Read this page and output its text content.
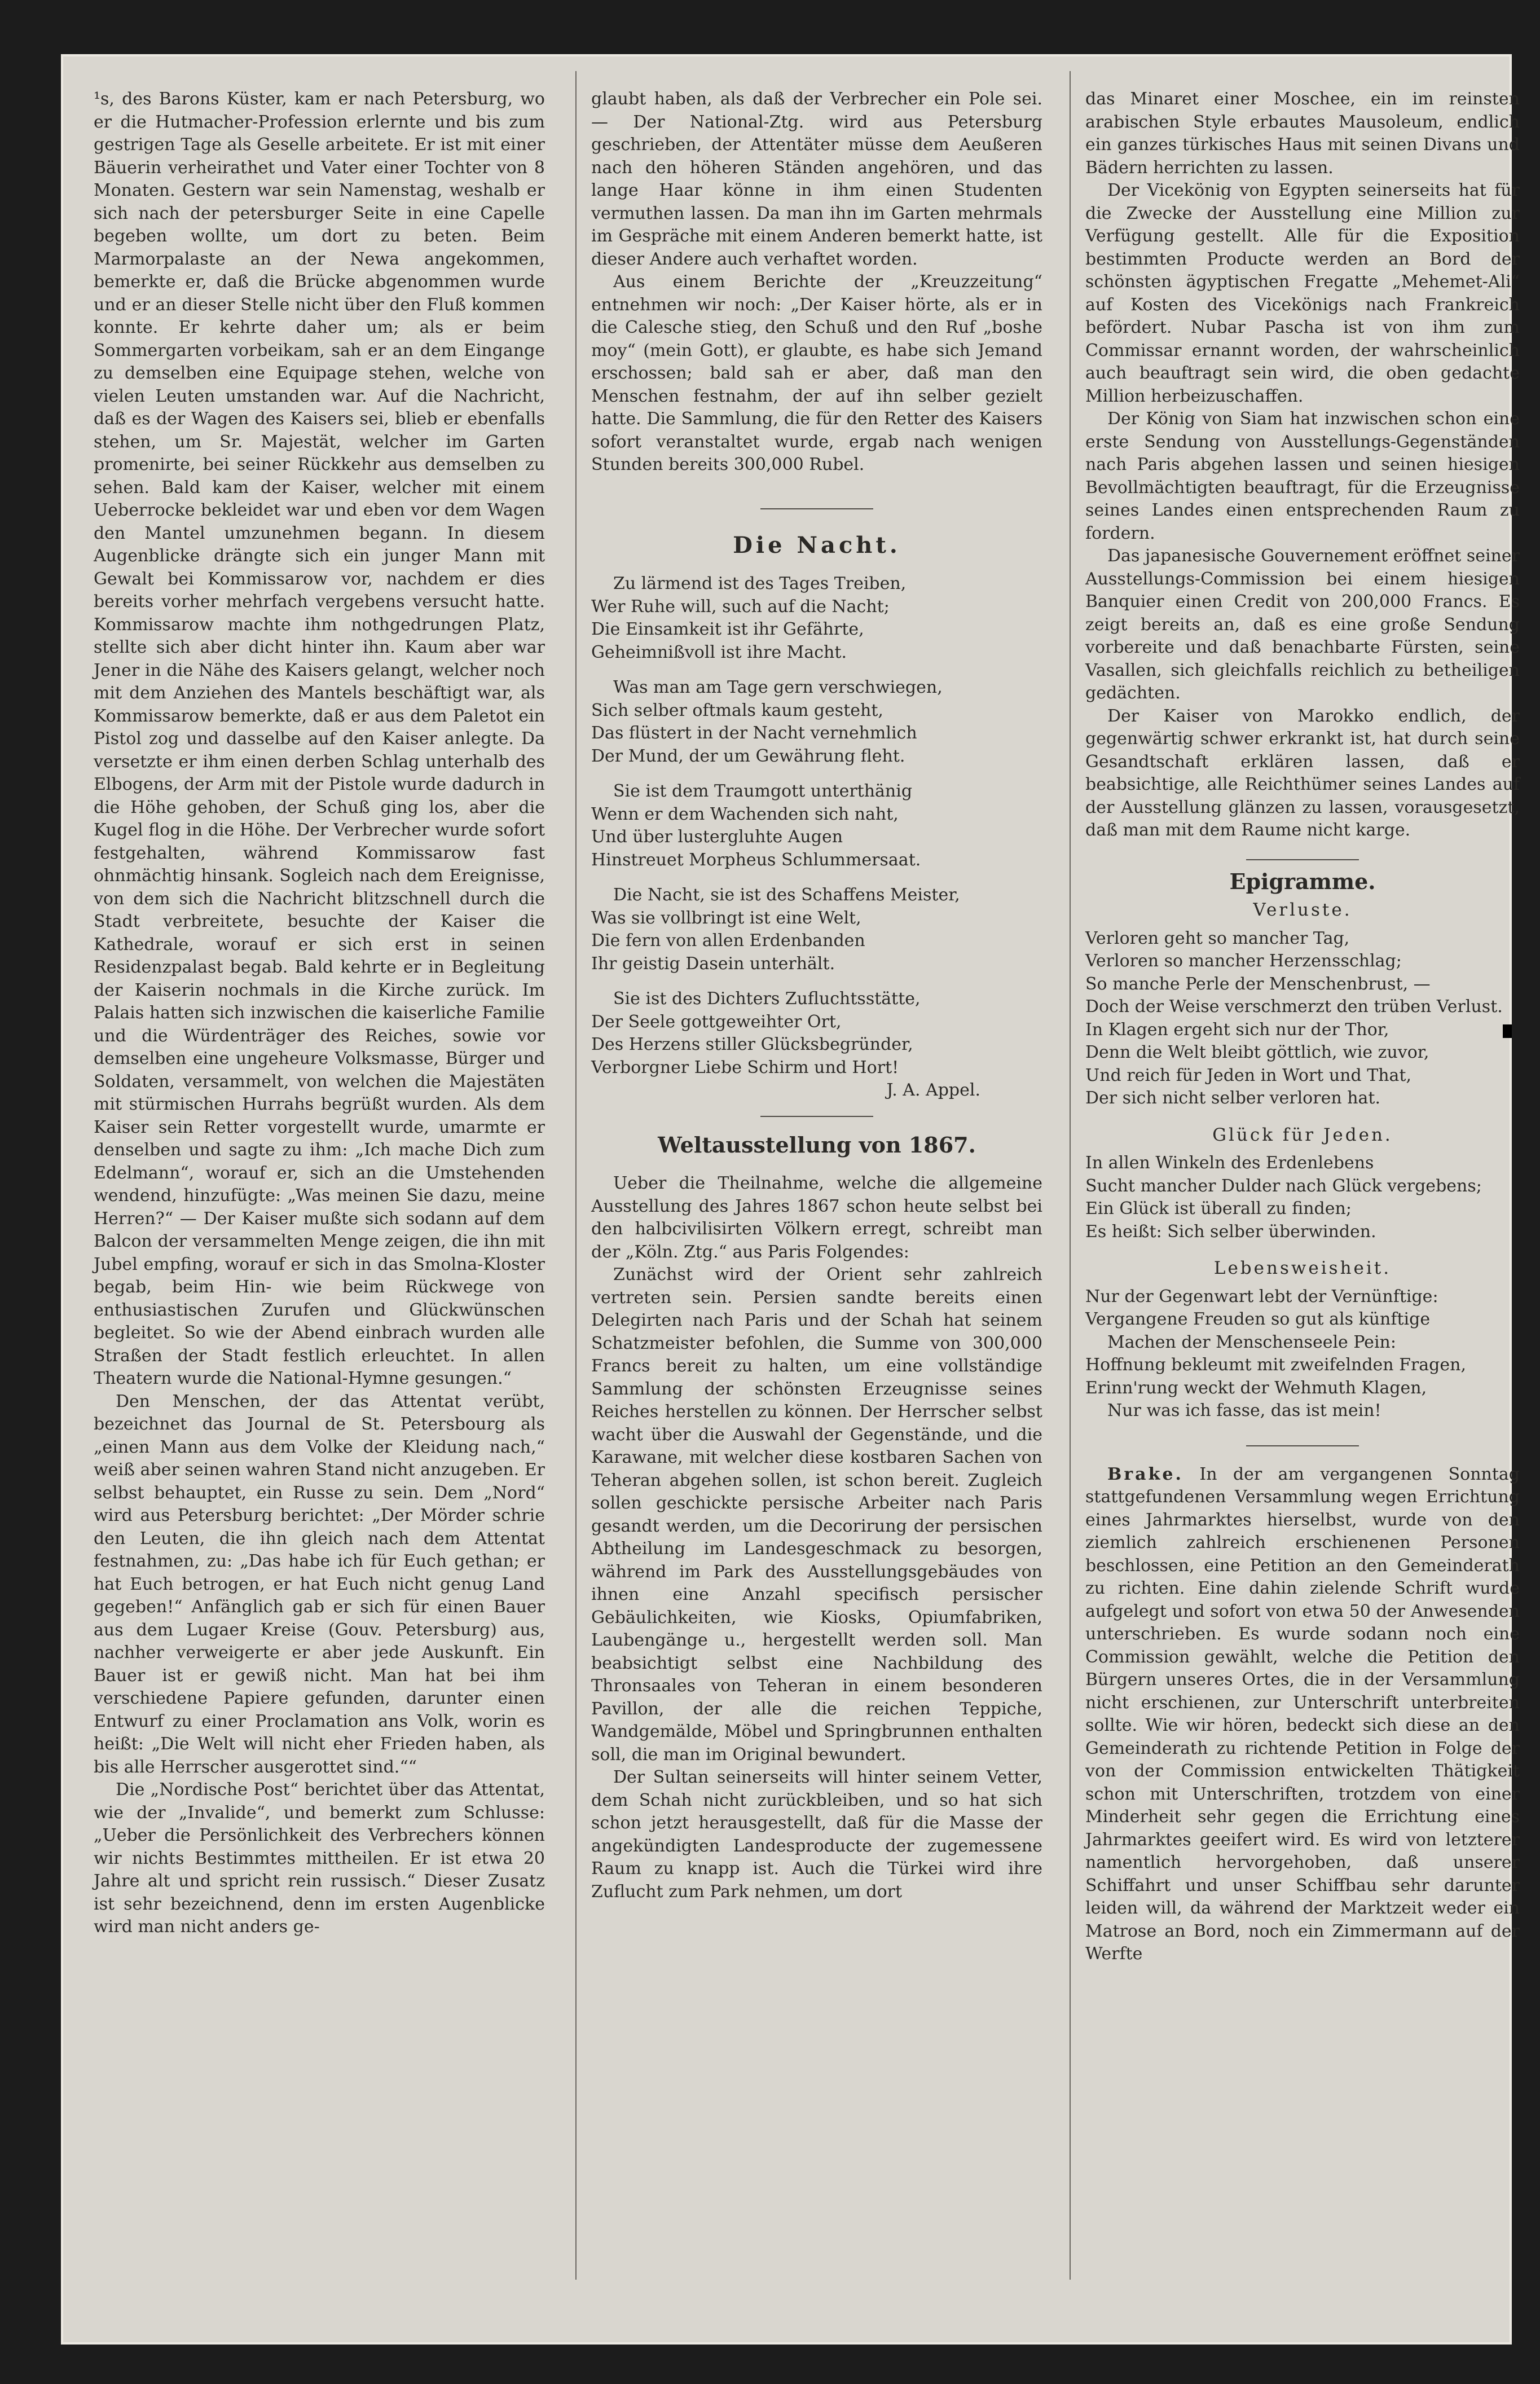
¹s, des Barons Küster, kam er nach Petersburg, wo er die Hutmacher-Profession erlernte und bis zum gestrigen Tage als Geselle arbeitete. Er ist mit einer Bäuerin verheirathet und Vater einer Tochter von 8 Monaten. Gestern war sein Namenstag, weshalb er sich nach der petersburger Seite in eine Capelle begeben wollte, um dort zu beten. Beim Marmorpalaste an der Newa angekommen, bemerkte er, daß die Brücke abgenommen wurde und er an dieser Stelle nicht über den Fluß kommen konnte. Er kehrte daher um; als er beim Sommergarten vorbeikam, sah er an dem Eingange zu demselben eine Equipage stehen, welche von vielen Leuten umstanden war. Auf die Nachricht, daß es der Wagen des Kaisers sei, blieb er ebenfalls stehen, um Sr. Majestät, welcher im Garten promenirte, bei seiner Rückkehr aus demselben zu sehen. Bald kam der Kaiser, welcher mit einem Ueberrocke bekleidet war und eben vor dem Wagen den Mantel umzunehmen begann. In diesem Augenblicke drängte sich ein junger Mann mit Gewalt bei Kommissarow vor, nachdem er dies bereits vorher mehrfach vergebens versucht hatte. Kommissarow machte ihm nothgedrungen Platz, stellte sich aber dicht hinter ihn. Kaum aber war Jener in die Nähe des Kaisers gelangt, welcher noch mit dem Anziehen des Mantels beschäftigt war, als Kommissarow bemerkte, daß er aus dem Paletot ein Pistol zog und dasselbe auf den Kaiser anlegte. Da versetzte er ihm einen derben Schlag unterhalb des Elbogens, der Arm mit der Pistole wurde dadurch in die Höhe gehoben, der Schuß ging los, aber die Kugel flog in die Höhe. Der Verbrecher wurde sofort festgehalten, während Kommissarow fast ohnmächtig hinsank. Sogleich nach dem Ereignisse, von dem sich die Nachricht blitzschnell durch die Stadt verbreitete, besuchte der Kaiser die Kathedrale, worauf er sich erst in seinen Residenzpalast begab. Bald kehrte er in Begleitung der Kaiserin nochmals in die Kirche zurück. Im Palais hatten sich inzwischen die kaiserliche Familie und die Würdenträger des Reiches, sowie vor demselben eine ungeheure Volksmasse, Bürger und Soldaten, versammelt, von welchen die Majestäten mit stürmischen Hurrahs begrüßt wurden. Als dem Kaiser sein Retter vorgestellt wurde, umarmte er denselben und sagte zu ihm: „Ich mache Dich zum Edelmann“, worauf er, sich an die Umstehenden wendend, hinzufügte: „Was meinen Sie dazu, meine Herren?“ — Der Kaiser mußte sich sodann auf dem Balcon der versammelten Menge zeigen, die ihn mit Jubel empfing, worauf er sich in das Smolna-Kloster begab, beim Hin- wie beim Rückwege von enthusiastischen Zurufen und Glückwünschen begleitet. So wie der Abend einbrach wurden alle Straßen der Stadt festlich erleuchtet. In allen Theatern wurde die National-Hymne gesungen.“

Den Menschen, der das Attentat verübt, bezeichnet das Journal de St. Petersbourg als „einen Mann aus dem Volke der Kleidung nach,“ weiß aber seinen wahren Stand nicht anzugeben. Er selbst behauptet, ein Russe zu sein. Dem „Nord“ wird aus Petersburg berichtet: „Der Mörder schrie den Leuten, die ihn gleich nach dem Attentat festnahmen, zu: „Das habe ich für Euch gethan; er hat Euch betrogen, er hat Euch nicht genug Land gegeben!“ Anfänglich gab er sich für einen Bauer aus dem Lugaer Kreise (Gouv. Petersburg) aus, nachher verweigerte er aber jede Auskunft. Ein Bauer ist er gewiß nicht. Man hat bei ihm verschiedene Papiere gefunden, darunter einen Entwurf zu einer Proclamation ans Volk, worin es heißt: „Die Welt will nicht eher Frieden haben, als bis alle Herrscher ausgerottet sind.““

Die „Nordische Post“ berichtet über das Attentat, wie der „Invalide“, und bemerkt zum Schlusse: „Ueber die Persönlichkeit des Verbrechers können wir nichts Bestimmtes mittheilen. Er ist etwa 20 Jahre alt und spricht rein russisch.“ Dieser Zusatz ist sehr bezeichnend, denn im ersten Augenblicke wird man nicht anders ge-

glaubt haben, als daß der Verbrecher ein Pole sei. — Der National-Ztg. wird aus Petersburg geschrieben, der Attentäter müsse dem Aeußeren nach den höheren Ständen angehören, und das lange Haar könne in ihm einen Studenten vermuthen lassen. Da man ihn im Garten mehrmals im Gespräche mit einem Anderen bemerkt hatte, ist dieser Andere auch verhaftet worden.

Aus einem Berichte der „Kreuzzeitung“ entnehmen wir noch: „Der Kaiser hörte, als er in die Calesche stieg, den Schuß und den Ruf „boshe moy“ (mein Gott), er glaubte, es habe sich Jemand erschossen; bald sah er aber, daß man den Menschen festnahm, der auf ihn selber gezielt hatte. Die Sammlung, die für den Retter des Kaisers sofort veranstaltet wurde, ergab nach wenigen Stunden bereits 300,000 Rubel.

Die Nacht.
Zu lärmend ist des Tages Treiben,
Wer Ruhe will, such auf die Nacht;
Die Einsamkeit ist ihr Gefährte,
Geheimnißvoll ist ihre Macht.
Was man am Tage gern verschwiegen,
Sich selber oftmals kaum gesteht,
Das flüstert in der Nacht vernehmlich
Der Mund, der um Gewährung fleht.
Sie ist dem Traumgott unterthänig
Wenn er dem Wachenden sich naht,
Und über lustergluhte Augen
Hinstreuet Morpheus Schlummersaat.
Die Nacht, sie ist des Schaffens Meister,
Was sie vollbringt ist eine Welt,
Die fern von allen Erdenbanden
Ihr geistig Dasein unterhält.
Sie ist des Dichters Zufluchtsstätte,
Der Seele gottgeweihter Ort,
Des Herzens stiller Glücksbegründer,
Verborgner Liebe Schirm und Hort!
J. A. Appel.
Weltausstellung von 1867.

Ueber die Theilnahme, welche die allgemeine Ausstellung des Jahres 1867 schon heute selbst bei den halbcivilisirten Völkern erregt, schreibt man der „Köln. Ztg.“ aus Paris Folgendes:

Zunächst wird der Orient sehr zahlreich vertreten sein. Persien sandte bereits einen Delegirten nach Paris und der Schah hat seinem Schatzmeister befohlen, die Summe von 300,000 Francs bereit zu halten, um eine vollständige Sammlung der schönsten Erzeugnisse seines Reiches herstellen zu können. Der Herrscher selbst wacht über die Auswahl der Gegenstände, und die Karawane, mit welcher diese kostbaren Sachen von Teheran abgehen sollen, ist schon bereit. Zugleich sollen geschickte persische Arbeiter nach Paris gesandt werden, um die Decorirung der persischen Abtheilung im Landesgeschmack zu besorgen, während im Park des Ausstellungsgebäudes von ihnen eine Anzahl specifisch persischer Gebäulichkeiten, wie Kiosks, Opiumfabriken, Laubengänge u., hergestellt werden soll. Man beabsichtigt selbst eine Nachbildung des Thronsaales von Teheran in einem besonderen Pavillon, der alle die reichen Teppiche, Wandgemälde, Möbel und Springbrunnen enthalten soll, die man im Original bewundert.

Der Sultan seinerseits will hinter seinem Vetter, dem Schah nicht zurückbleiben, und so hat sich schon jetzt herausgestellt, daß für die Masse der angekündigten Landesproducte der zugemessene Raum zu knapp ist. Auch die Türkei wird ihre Zuflucht zum Park nehmen, um dort

das Minaret einer Moschee, ein im reinsten arabischen Style erbautes Mausoleum, endlich ein ganzes türkisches Haus mit seinen Divans und Bädern herrichten zu lassen.

Der Vicekönig von Egypten seinerseits hat für die Zwecke der Ausstellung eine Million zur Verfügung gestellt. Alle für die Exposition bestimmten Producte werden an Bord der schönsten ägyptischen Fregatte „Mehemet-Ali“ auf Kosten des Vicekönigs nach Frankreich befördert. Nubar Pascha ist von ihm zum Commissar ernannt worden, der wahrscheinlich auch beauftragt sein wird, die oben gedachte Million herbeizuschaffen.

Der König von Siam hat inzwischen schon eine erste Sendung von Ausstellungs-Gegenständen nach Paris abgehen lassen und seinen hiesigen Bevollmächtigten beauftragt, für die Erzeugnisse seines Landes einen entsprechenden Raum zu fordern.

Das japanesische Gouvernement eröffnet seiner Ausstellungs-Commission bei einem hiesigen Banquier einen Credit von 200,000 Francs. Es zeigt bereits an, daß es eine große Sendung vorbereite und daß benachbarte Fürsten, seine Vasallen, sich gleichfalls reichlich zu betheiligen gedächten.

Der Kaiser von Marokko endlich, der gegenwärtig schwer erkrankt ist, hat durch seine Gesandtschaft erklären lassen, daß er beabsichtige, alle Reichthümer seines Landes auf der Ausstellung glänzen zu lassen, vorausgesetzt, daß man mit dem Raume nicht karge.

Epigramme.
Verluste.
Verloren geht so mancher Tag,
Verloren so mancher Herzensschlag;
So manche Perle der Menschenbrust, —
Doch der Weise verschmerzt den trüben Verlust.
In Klagen ergeht sich nur der Thor,
Denn die Welt bleibt göttlich, wie zuvor,
Und reich für Jeden in Wort und That,
Der sich nicht selber verloren hat.
Glück für Jeden.
In allen Winkeln des Erdenlebens
Sucht mancher Dulder nach Glück vergebens;
Ein Glück ist überall zu finden;
Es heißt: Sich selber überwinden.
Lebensweisheit.
Nur der Gegenwart lebt der Vernünftige:
Vergangene Freuden so gut als künftige
Machen der Menschenseele Pein:
Hoffnung bekleumt mit zweifelnden Fragen,
Erinn'rung weckt der Wehmuth Klagen,
Nur was ich fasse, das ist mein!

Brake. In der am vergangenen Sonntag stattgefundenen Versammlung wegen Errichtung eines Jahrmarktes hierselbst, wurde von den ziemlich zahlreich erschienenen Personen beschlossen, eine Petition an den Gemeinderath zu richten. Eine dahin zielende Schrift wurde aufgelegt und sofort von etwa 50 der Anwesenden unterschrieben. Es wurde sodann noch eine Commission gewählt, welche die Petition den Bürgern unseres Ortes, die in der Versammlung nicht erschienen, zur Unterschrift unterbreiten sollte. Wie wir hören, bedeckt sich diese an den Gemeinderath zu richtende Petition in Folge der von der Commission entwickelten Thätigkeit schon mit Unterschriften, trotzdem von einer Minderheit sehr gegen die Errichtung eines Jahrmarktes geeifert wird. Es wird von letzterer namentlich hervorgehoben, daß unserer Schiffahrt und unser Schiffbau sehr darunter leiden will, da während der Marktzeit weder ein Matrose an Bord, noch ein Zimmermann auf der Werfte
